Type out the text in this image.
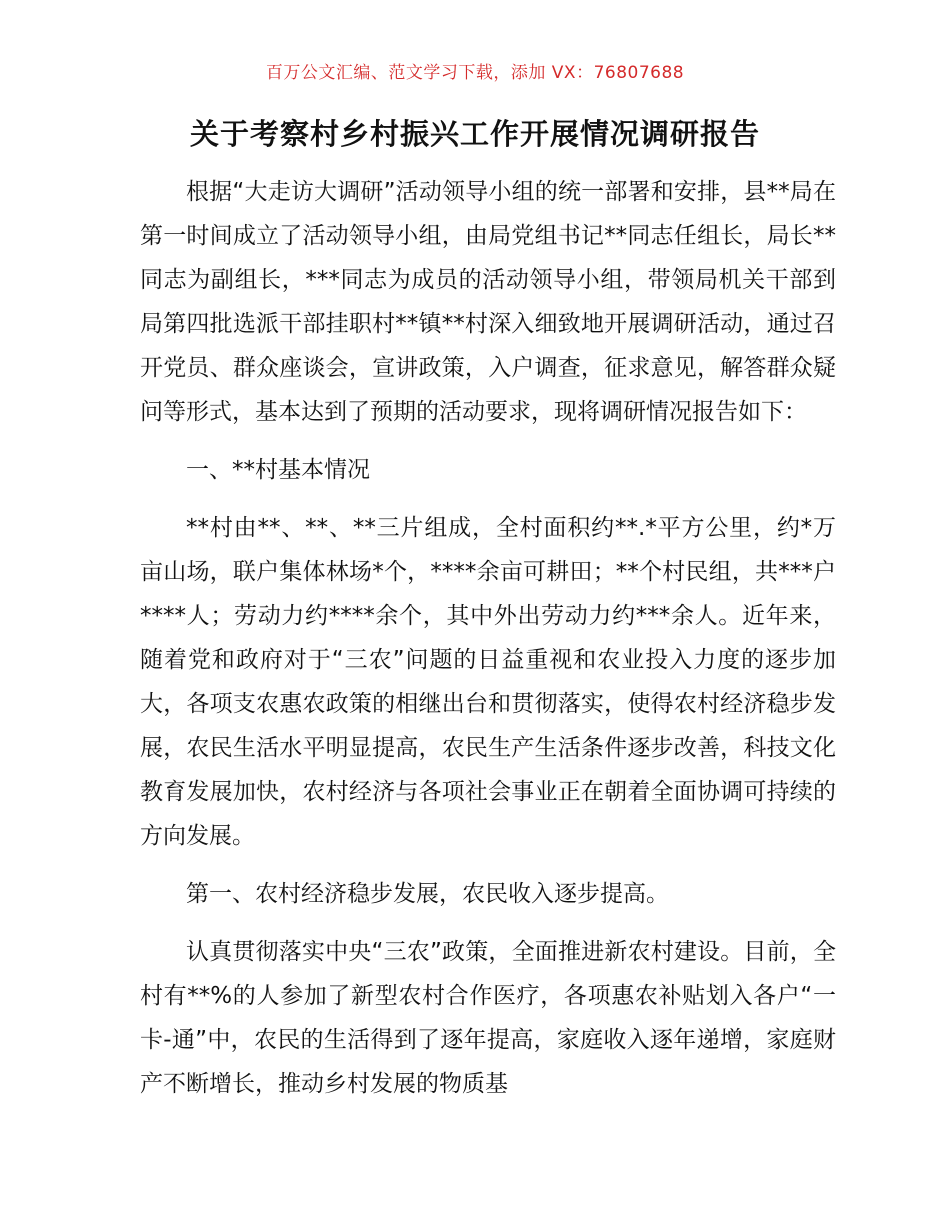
百万公文汇编、范文学习下载，添加 VX：76807688
关于考察村乡村振兴工作开展情况调研报告

根据“大走访大调研”活动领导小组的统一部署和安排，县**局在第一时间成立了活动领导小组，由局党组书记**同志任组长，局长**同志为副组长，***同志为成员的活动领导小组，带领局机关干部到局第四批选派干部挂职村**镇**村深入细致地开展调研活动，通过召开党员、群众座谈会，宣讲政策，入户调查，征求意见，解答群众疑问等形式，基本达到了预期的活动要求，现将调研情况报告如下：

一、**村基本情况

**村由**、**、**三片组成，全村面积约**.*平方公里，约*万亩山场，联户集体林场*个，****余亩可耕田；**个村民组，共***户****人；劳动力约****余个，其中外出劳动力约***余人。近年来，随着党和政府对于“三农”问题的日益重视和农业投入力度的逐步加大，各项支农惠农政策的相继出台和贯彻落实，使得农村经济稳步发展，农民生活水平明显提高，农民生产生活条件逐步改善，科技文化教育发展加快，农村经济与各项社会事业正在朝着全面协调可持续的方向发展。

第一、农村经济稳步发展，农民收入逐步提高。

认真贯彻落实中央“三农”政策，全面推进新农村建设。目前，全村有**%的人参加了新型农村合作医疗，各项惠农补贴划入各户“一卡-通”中，农民的生活得到了逐年提高，家庭收入逐年递增，家庭财产不断增长，推动乡村发展的物质基
